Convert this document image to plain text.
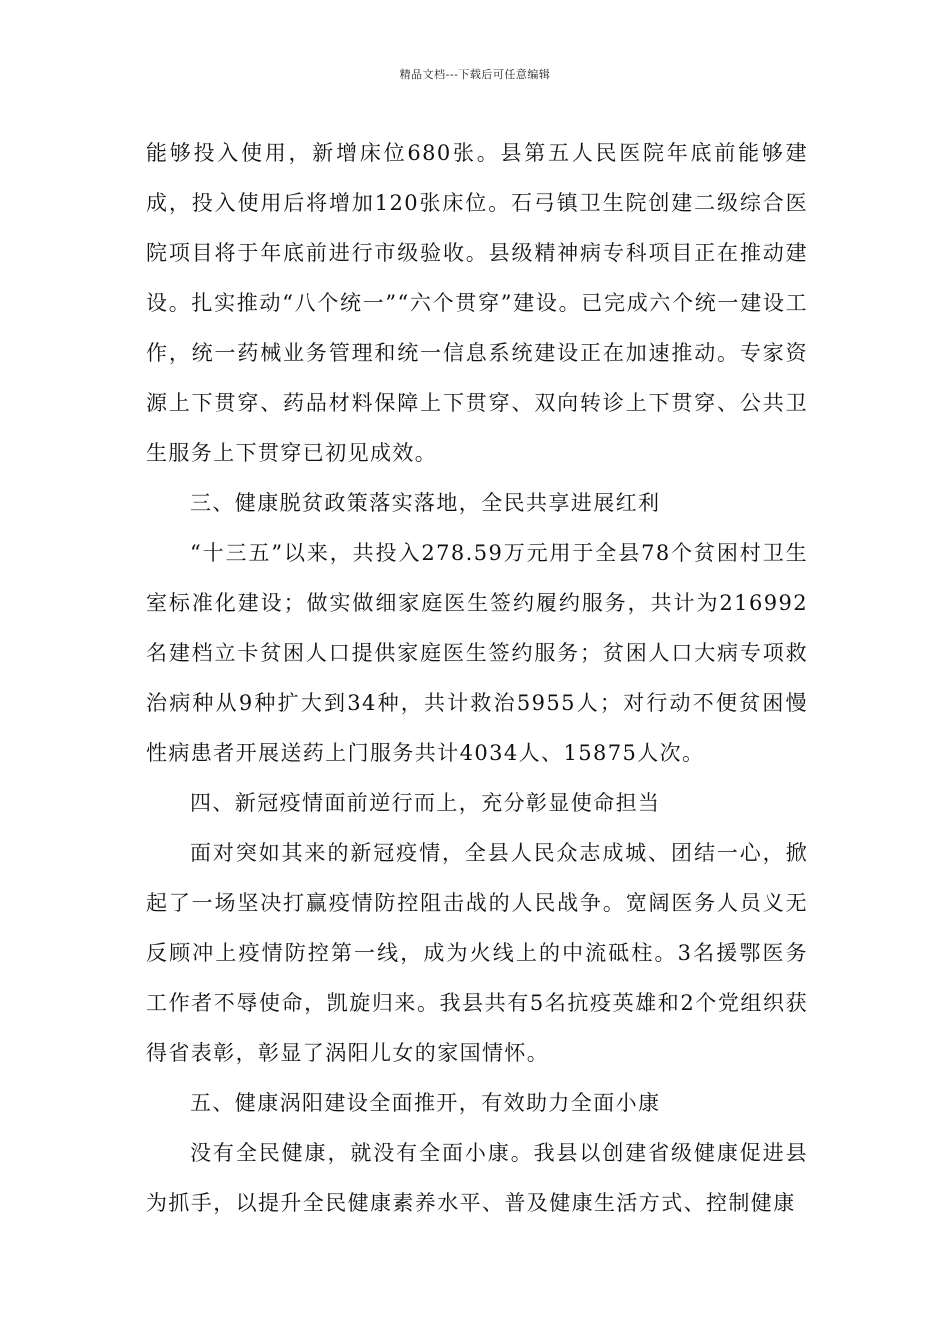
精品文档---下载后可任意编辑

能够投入使用，新增床位680张。县第五人民医院年底前能够建成，投入使用后将增加120张床位。石弓镇卫生院创建二级综合医院项目将于年底前进行市级验收。县级精神病专科项目正在推动建设。扎实推动“八个统一”“六个贯穿”建设。已完成六个统一建设工作，统一药械业务管理和统一信息系统建设正在加速推动。专家资源上下贯穿、药品材料保障上下贯穿、双向转诊上下贯穿、公共卫生服务上下贯穿已初见成效。

三、健康脱贫政策落实落地，全民共享进展红利

“十三五”以来，共投入278.59万元用于全县78个贫困村卫生室标准化建设；做实做细家庭医生签约履约服务，共计为216992名建档立卡贫困人口提供家庭医生签约服务；贫困人口大病专项救治病种从9种扩大到34种，共计救治5955人；对行动不便贫困慢性病患者开展送药上门服务共计4034人、15875人次。

四、新冠疫情面前逆行而上，充分彰显使命担当

面对突如其来的新冠疫情，全县人民众志成城、团结一心，掀起了一场坚决打赢疫情防控阻击战的人民战争。宽阔医务人员义无反顾冲上疫情防控第一线，成为火线上的中流砥柱。3名援鄂医务工作者不辱使命，凯旋归来。我县共有5名抗疫英雄和2个党组织获得省表彰，彰显了涡阳儿女的家国情怀。

五、健康涡阳建设全面推开，有效助力全面小康

没有全民健康，就没有全面小康。我县以创建省级健康促进县为抓手，以提升全民健康素养水平、普及健康生活方式、控制健康
